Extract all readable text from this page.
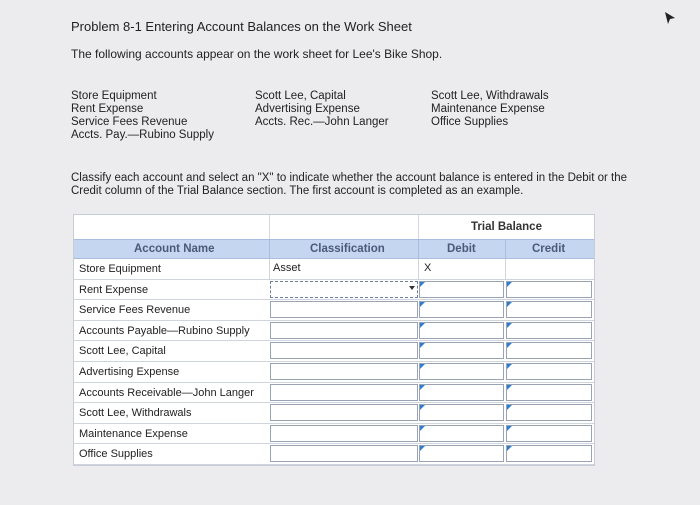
Problem 8-1 Entering Account Balances on the Work Sheet
The following accounts appear on the work sheet for Lee's Bike Shop.
Store Equipment
Rent Expense
Service Fees Revenue
Accts. Pay.—Rubino Supply
Scott Lee, Capital
Advertising Expense
Accts. Rec.—John Langer
Scott Lee, Withdrawals
Maintenance Expense
Office Supplies
Classify each account and select an "X" to indicate whether the account balance is entered in the Debit or the Credit column of the Trial Balance section. The first account is completed as an example.
Trial Balance
Account Name	Classification	Debit	Credit
Store Equipment	Asset	X
Rent Expense
Service Fees Revenue
Accounts Payable—Rubino Supply
Scott Lee, Capital
Advertising Expense
Accounts Receivable—John Langer
Scott Lee, Withdrawals
Maintenance Expense
Office Supplies
